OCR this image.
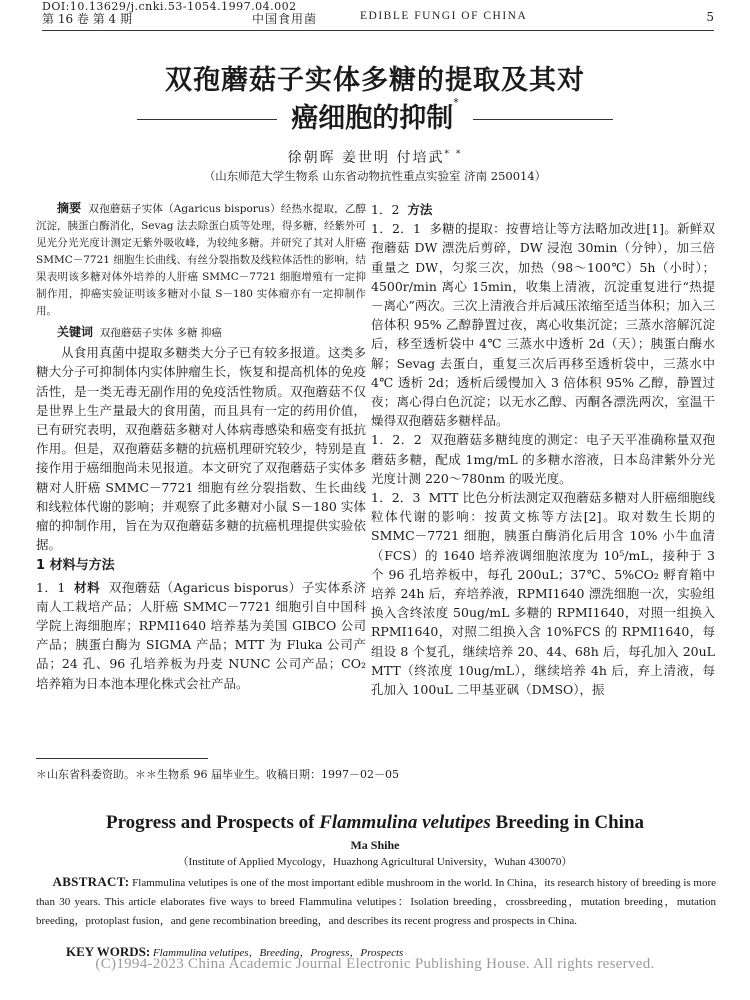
DOI:10.13629/j.cnki.53-1054.1997.04.002
第 16 卷 第 4 期	中国食用菌	EDIBLE FUNGI OF CHINA	5
双孢蘑菇子实体多糖的提取及其对
癌细胞的抑制*
徐朝晖 姜世明 付培武* *
（山东师范大学生物系 山东省动物抗性重点实验室 济南 250014）

摘要 双孢蘑菇子实体（Agaricus bisporus）经热水提取，乙醇沉淀，胰蛋白酶消化，Sevag 法去除蛋白质等处理，得多糖，经紫外可见光分光光度计测定无紫外吸收峰，为较纯多糖。并研究了其对人肝癌 SMMC－7721 细胞生长曲线、有丝分裂指数及线粒体活性的影响，结果表明该多糖对体外培养的人肝癌 SMMC－7721 细胞增殖有一定抑制作用，抑癌实验证明该多糖对小鼠 S－180 实体瘤亦有一定抑制作用。

关键词 双孢蘑菇子实体 多糖 抑癌

从食用真菌中提取多糖类大分子已有较多报道。这类多糖大分子可抑制体内实体肿瘤生长，恢复和提高机体的免疫活性，是一类无毒无副作用的免疫活性物质。双孢蘑菇不仅是世界上生产量最大的食用菌，而且具有一定的药用价值，已有研究表明，双孢蘑菇多糖对人体病毒感染和癌变有抵抗作用。但是，双孢蘑菇多糖的抗癌机理研究较少，特别是直接作用于癌细胞尚未见报道。本文研究了双孢蘑菇子实体多糖对人肝癌 SMMC－7721 细胞有丝分裂指数、生长曲线和线粒体代谢的影响；并观察了此多糖对小鼠 S－180 实体瘤的抑制作用，旨在为双孢蘑菇多糖的抗癌机理提供实验依据。

1 材料与方法

1．1 材料 双孢蘑菇（Agaricus bisporus）子实体系济南人工栽培产品；人肝癌 SMMC－7721 细胞引自中国科学院上海细胞库；RPMI1640 培养基为美国 GIBCO 公司产品；胰蛋白酶为 SIGMA 产品；MTT 为 Fluka 公司产品；24 孔、96 孔培养板为丹麦 NUNC 公司产品；CO₂ 培养箱为日本池本理化株式会社产品。

1．2 方法

1．2．1 多糖的提取：按曹培让等方法略加改进[1]。新鲜双孢蘑菇 DW 漂洗后剪碎，DW 浸泡 30min（分钟），加三倍重量之 DW，匀浆三次，加热（98～100℃）5h（小时）；4500r/min 离心 15min，收集上清液，沉淀重复进行“热提－离心”两次。三次上清液合并后减压浓缩至适当体积；加入三倍体积 95% 乙醇静置过夜，离心收集沉淀；三蒸水溶解沉淀后，移至透析袋中 4℃ 三蒸水中透析 2d（天）；胰蛋白酶水解；Sevag 去蛋白，重复三次后再移至透析袋中，三蒸水中 4℃ 透析 2d；透析后缓慢加入 3 倍体积 95% 乙醇，静置过夜；离心得白色沉淀；以无水乙醇、丙酮各漂洗两次，室温干燥得双孢蘑菇多糖样品。

1．2．2 双孢蘑菇多糖纯度的测定：电子天平准确称量双孢蘑菇多糖，配成 1mg/mL 的多糖水溶液，日本岛津紫外分光光度计测 220～780nm 的吸光度。

1．2．3 MTT 比色分析法测定双孢蘑菇多糖对人肝癌细胞线粒体代谢的影响：按黄文栋等方法[2]。取对数生长期的 SMMC－7721 细胞，胰蛋白酶消化后用含 10% 小牛血清（FCS）的 1640 培养液调细胞浓度为 10⁵/mL，接种于 3 个 96 孔培养板中，每孔 200uL；37℃、5%CO₂ 孵育箱中培养 24h 后，弃培养液，RPMI1640 漂洗细胞一次，实验组换入含终浓度 50ug/mL 多糖的 RPMI1640，对照一组换入 RPMI1640，对照二组换入含 10%FCS 的 RPMI1640，每组设 8 个复孔，继续培养 20、44、68h 后，每孔加入 20uL MTT（终浓度 10ug/mL），继续培养 4h 后，弃上清液，每孔加入 100uL 二甲基亚砜（DMSO），振

＊山东省科委资助。＊＊生物系 96 届毕业生。收稿日期：1997－02－05
Progress and Prospects of Flammulina velutipes Breeding in China
Ma Shihe
（Institute of Applied Mycology，Huazhong Agricultural University，Wuhan 430070）
ABSTRACT: Flammulina velutipes is one of the most important edible mushroom in the world. In China，its research history of breeding is more than 30 years. This article elaborates five ways to breed Flammulina velutipes：Isolation breeding，crossbreeding，mutation breeding，mutation breeding，protoplast fusion，and gene recombination breeding，and describes its recent progress and prospects in China.
KEY WORDS: Flammulina velutipes，Breeding，Progress，Prospects
(C)1994-2023 China Academic Journal Electronic Publishing House. All rights reserved.
